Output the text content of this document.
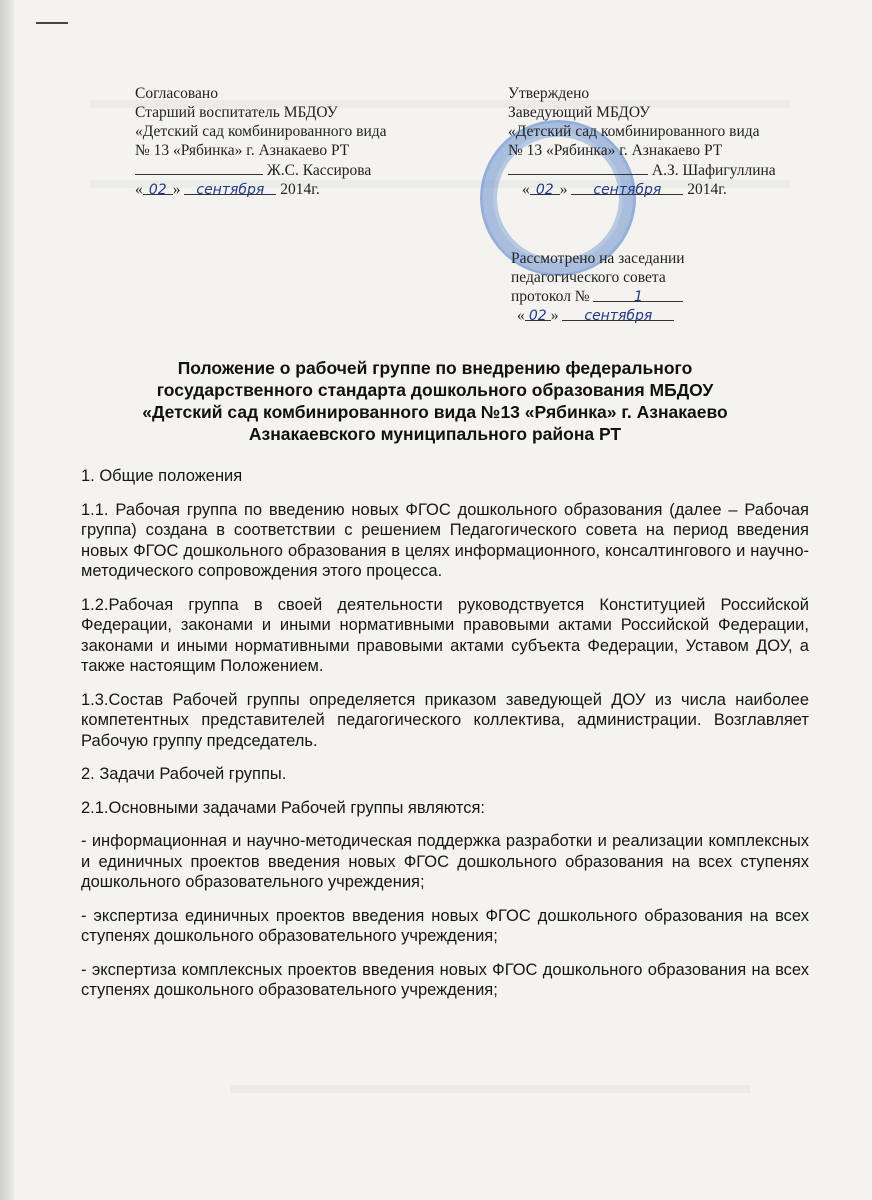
Согласовано
Старший воспитатель МБДОУ
«Детский сад комбинированного вида
№ 13 «Рябинка» г. Азнакаево РТ
Ж.С. Кассирова
« 02 » сентября 2014г.
Утверждено
Заведующий МБДОУ
«Детский сад комбинированного вида
№ 13 «Рябинка» г. Азнакаево РТ
А.З. Шафигуллина
« 02 » сентября 2014г.
Рассмотрено на заседании
педагогического совета
протокол №	1
« 02 » сентября
Положение о рабочей группе по внедрению федерального
государственного стандарта дошкольного образования МБДОУ
«Детский сад комбинированного вида №13 «Рябинка» г. Азнакаево
Азнакаевского муниципального района РТ

1. Общие положения

1.1. Рабочая группа по введению новых ФГОС дошкольного образования (далее – Рабочая группа) создана в соответствии с решением Педагогического совета на период введения новых ФГОС дошкольного образования в целях информационного, консалтингового и научно-методического сопровождения этого процесса.

1.2.Рабочая группа в своей деятельности руководствуется Конституцией Российской Федерации, законами и иными нормативными правовыми актами Российской Федерации, законами и иными нормативными правовыми актами субъекта Федерации, Уставом ДОУ, а также настоящим Положением.

1.3.Состав Рабочей группы определяется приказом заведующей ДОУ из числа наиболее компетентных представителей педагогического коллектива, администрации. Возглавляет Рабочую группу председатель.

2. Задачи Рабочей группы.

2.1.Основными задачами Рабочей группы являются:

- информационная и научно-методическая поддержка разработки и реализации комплексных и единичных проектов введения новых ФГОС дошкольного образования на всех ступенях дошкольного образовательного учреждения;

- экспертиза единичных проектов введения новых ФГОС дошкольного образования на всех ступенях дошкольного образовательного учреждения;

- экспертиза комплексных проектов введения новых ФГОС дошкольного образования на всех ступенях дошкольного образовательного учреждения;
